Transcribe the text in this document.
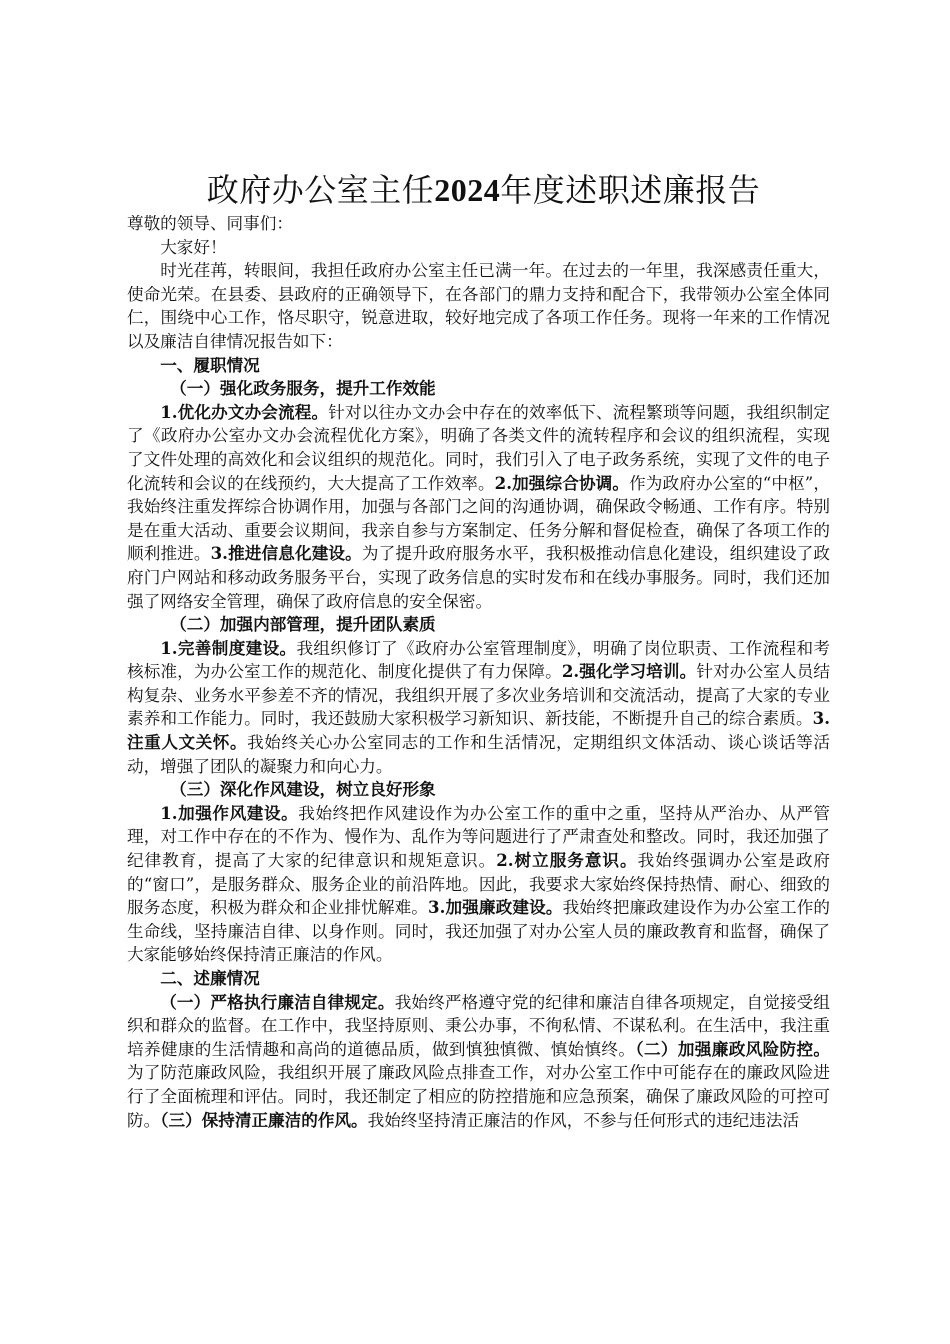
政府办公室主任2024年度述职述廉报告

尊敬的领导、同事们：

大家好！

时光荏苒，转眼间，我担任政府办公室主任已满一年。在过去的一年里，我深感责任重大，使命光荣。在县委、县政府的正确领导下，在各部门的鼎力支持和配合下，我带领办公室全体同仁，围绕中心工作，恪尽职守，锐意进取，较好地完成了各项工作任务。现将一年来的工作情况以及廉洁自律情况报告如下：

一、履职情况

（一）强化政务服务，提升工作效能

1.优化办文办会流程。针对以往办文办会中存在的效率低下、流程繁琐等问题，我组织制定了《政府办公室办文办会流程优化方案》，明确了各类文件的流转程序和会议的组织流程，实现了文件处理的高效化和会议组织的规范化。同时，我们引入了电子政务系统，实现了文件的电子化流转和会议的在线预约，大大提高了工作效率。2.加强综合协调。作为政府办公室的“中枢”，我始终注重发挥综合协调作用，加强与各部门之间的沟通协调，确保政令畅通、工作有序。特别是在重大活动、重要会议期间，我亲自参与方案制定、任务分解和督促检查，确保了各项工作的顺利推进。3.推进信息化建设。为了提升政府服务水平，我积极推动信息化建设，组织建设了政府门户网站和移动政务服务平台，实现了政务信息的实时发布和在线办事服务。同时，我们还加强了网络安全管理，确保了政府信息的安全保密。

（二）加强内部管理，提升团队素质

1.完善制度建设。我组织修订了《政府办公室管理制度》，明确了岗位职责、工作流程和考核标准，为办公室工作的规范化、制度化提供了有力保障。2.强化学习培训。针对办公室人员结构复杂、业务水平参差不齐的情况，我组织开展了多次业务培训和交流活动，提高了大家的专业素养和工作能力。同时，我还鼓励大家积极学习新知识、新技能，不断提升自己的综合素质。3.注重人文关怀。我始终关心办公室同志的工作和生活情况，定期组织文体活动、谈心谈话等活动，增强了团队的凝聚力和向心力。

（三）深化作风建设，树立良好形象

1.加强作风建设。我始终把作风建设作为办公室工作的重中之重，坚持从严治办、从严管理，对工作中存在的不作为、慢作为、乱作为等问题进行了严肃查处和整改。同时，我还加强了纪律教育，提高了大家的纪律意识和规矩意识。2.树立服务意识。我始终强调办公室是政府的“窗口”，是服务群众、服务企业的前沿阵地。因此，我要求大家始终保持热情、耐心、细致的服务态度，积极为群众和企业排忧解难。3.加强廉政建设。我始终把廉政建设作为办公室工作的生命线，坚持廉洁自律、以身作则。同时，我还加强了对办公室人员的廉政教育和监督，确保了大家能够始终保持清正廉洁的作风。

二、述廉情况

（一）严格执行廉洁自律规定。我始终严格遵守党的纪律和廉洁自律各项规定，自觉接受组织和群众的监督。在工作中，我坚持原则、秉公办事，不徇私情、不谋私利。在生活中，我注重培养健康的生活情趣和高尚的道德品质，做到慎独慎微、慎始慎终。（二）加强廉政风险防控。为了防范廉政风险，我组织开展了廉政风险点排查工作，对办公室工作中可能存在的廉政风险进行了全面梳理和评估。同时，我还制定了相应的防控措施和应急预案，确保了廉政风险的可控可防。（三）保持清正廉洁的作风。我始终坚持清正廉洁的作风，不参与任何形式的违纪违法活
